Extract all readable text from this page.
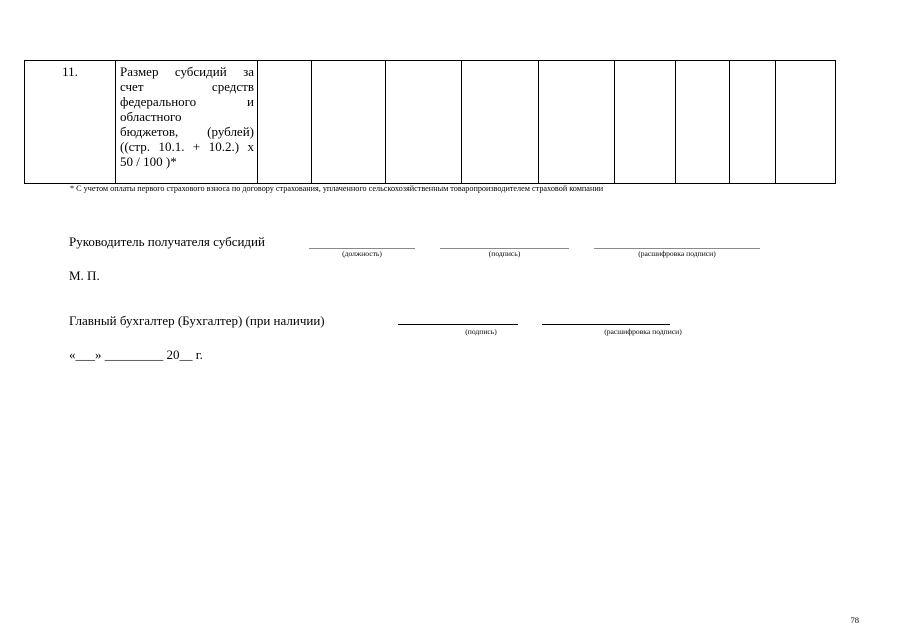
11.	Размер субсидий за
счет средств
федерального и
областного
бюджетов, (рублей)
((стр. 10.1. + 10.2.) х
50 / 100 )*

* С учетом оплаты первого страхового взноса по договору страхования, уплаченного сельскохозяйственным товаропроизводителем страховой компании
Руководитель получателя субсидий
(должность)	(подпись)	(расшифровка подписи)
М. П.
Главный бухгалтер (Бухгалтер) (при наличии)
(подпись)	(расшифровка подписи)
«___» _________ 20__ г.
78
